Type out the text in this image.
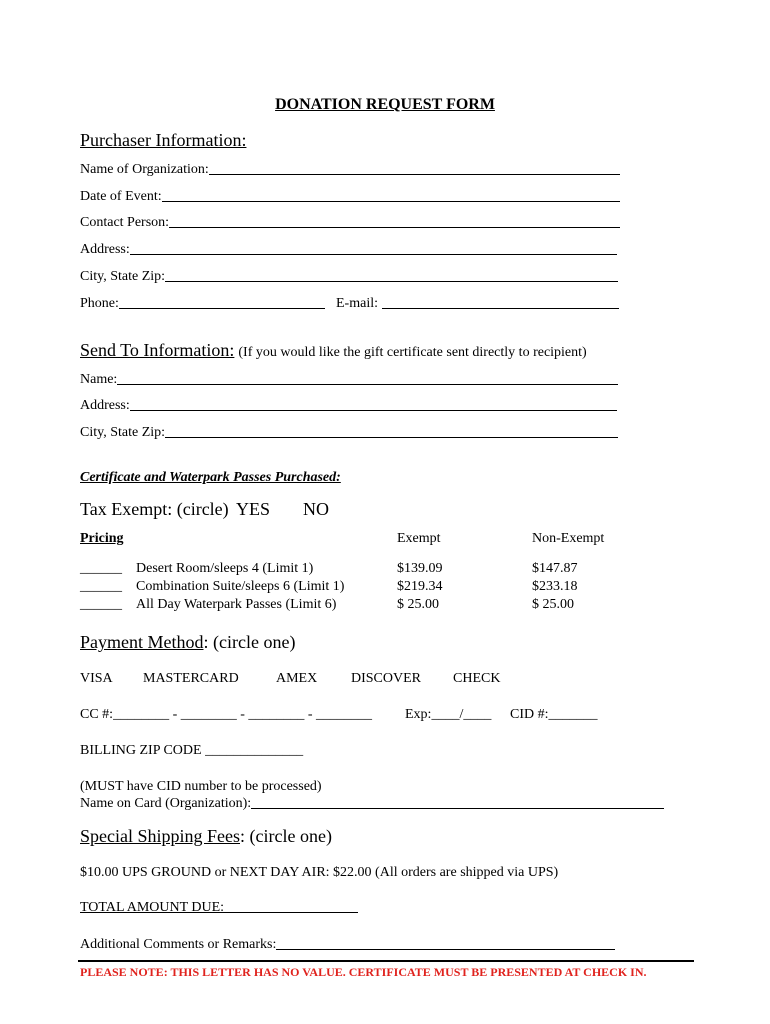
DONATION REQUEST FORM
Purchaser Information:
Name of Organization:
Date of Event:
Contact Person:
Address:
City, State Zip:
Phone:	E-mail:
Send To Information: (If you would like the gift certificate sent directly to recipient)
Name:
Address:
City, State Zip:
Certificate and Waterpark Passes Purchased:
Tax Exempt: (circle) YES NO
Pricing	Exempt	Non-Exempt
______ Desert Room/sleeps 4 (Limit 1)	$139.09	$147.87
______ Combination Suite/sleeps 6 (Limit 1)	$219.34	$233.18
______ All Day Waterpark Passes (Limit 6)	$ 25.00	$ 25.00
Payment Method: (circle one)
VISA MASTERCARD	AMEX DISCOVER CHECK
CC #:________ - ________ - ________ - ________ Exp:____/____ CID #:_______
BILLING ZIP CODE ______________
(MUST have CID number to be processed)
Name on Card (Organization):
Special Shipping Fees: (circle one)
$10.00 UPS GROUND or NEXT DAY AIR: $22.00 (All orders are shipped via UPS)
TOTAL AMOUNT DUE:
Additional Comments or Remarks:
PLEASE NOTE: THIS LETTER HAS NO VALUE. CERTIFICATE MUST BE PRESENTED AT CHECK IN.
